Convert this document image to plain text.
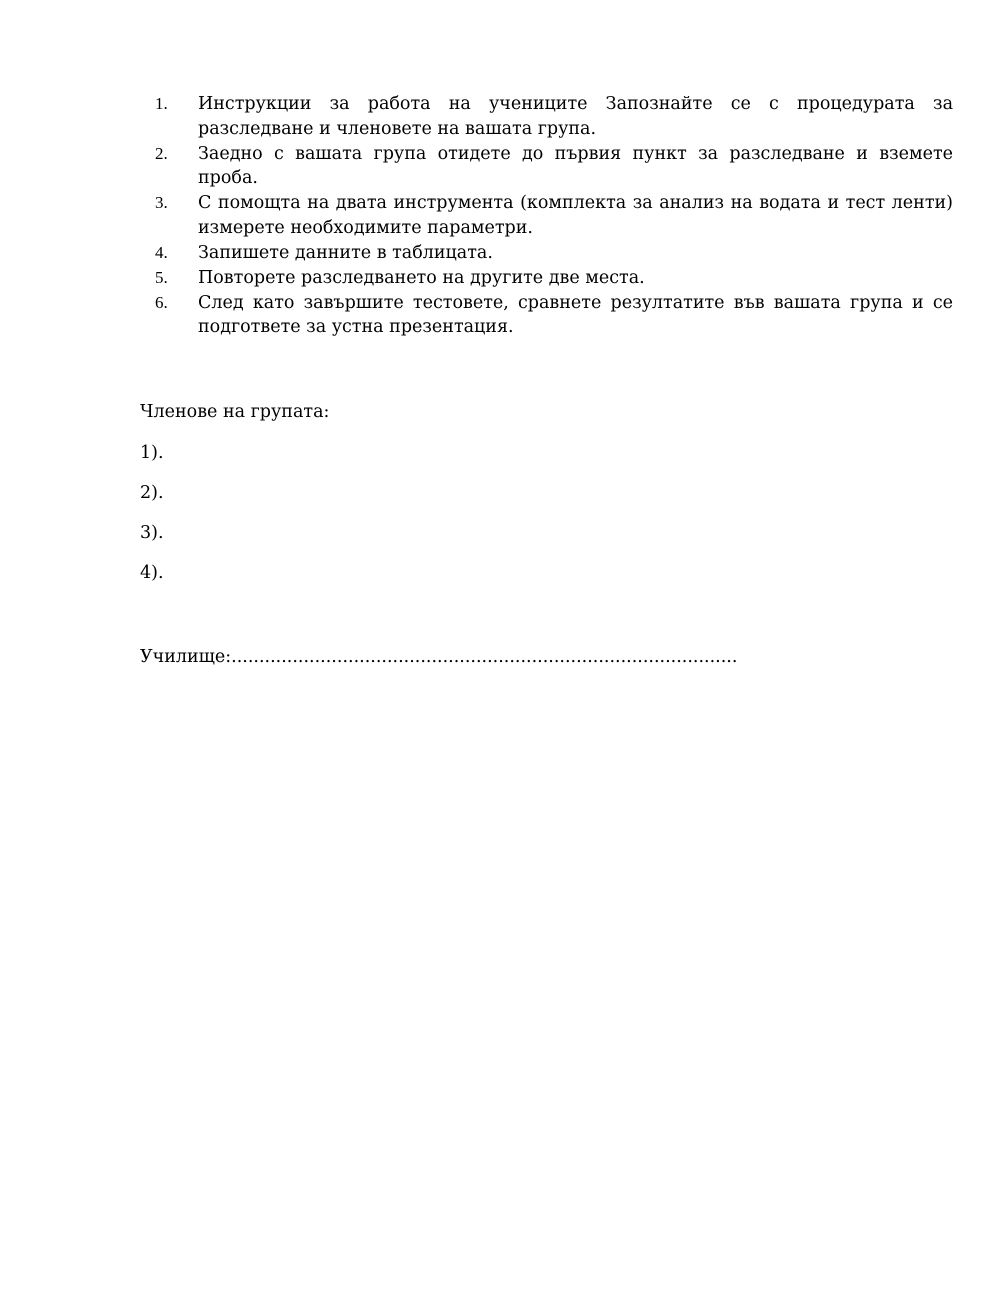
1.	Инструкции за работа на учениците Запознайте се с процедурата за разследване и членовете на вашата група.
2.	Заедно с вашата група отидете до първия пункт за разследване и вземете проба.
3.	С помощта на двата инструмента (комплекта за анализ на водата и тест ленти) измерете необходимите параметри.
4.	Запишете данните в таблицата.
5.	Повторете разследването на другите две места.
6.	След като завършите тестовете, сравнете резултатите във вашата група и се подгответе за устна презентация.
Членове на групата:
1).
2).
3).
4).
Училище:...........................................................................................
